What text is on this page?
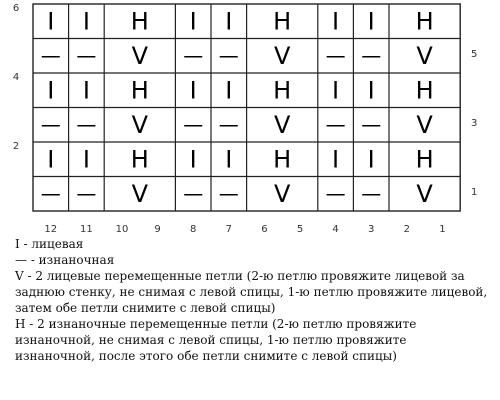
I I H I I H I I H
6
— — V — — V — — V	5
I I H I I H I I H
4
— — V — — V — — V	3
I I H I I H I I H
2
— — V — — V — — V	1
12 11 10	9	8	7	6	5	4	3	2	1

I - лицевая

— - изнаночная

V - 2 лицевые перемещенные петли (2-ю петлю провяжите лицевой за заднюю стенку, не снимая с левой спицы, 1-ю петлю провяжите лицевой, затем обе петли снимите с левой спицы)

Н - 2 изнаночные перемещенные петли (2-ю петлю провяжите изнаночной, не снимая с левой спицы, 1-ю петлю провяжите изнаночной, после этого обе петли снимите с левой спицы)
